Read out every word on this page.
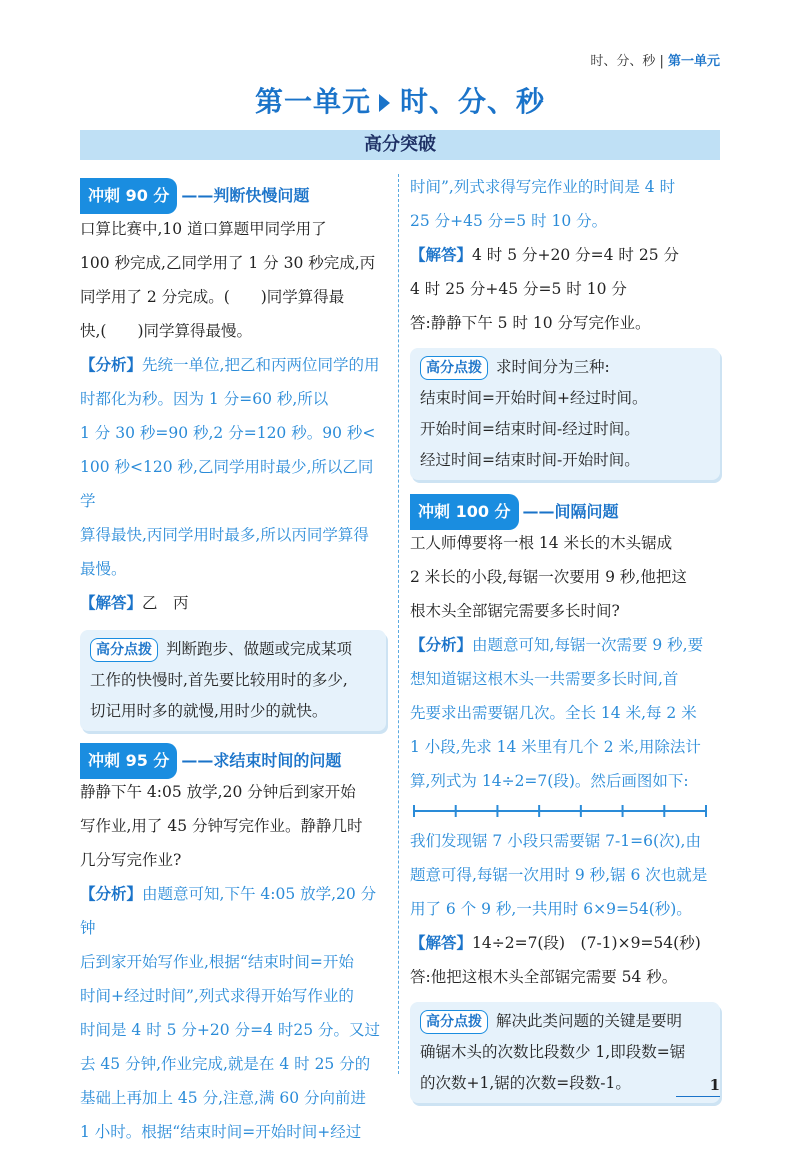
时、分、秒 | 第一单元
第一单元 时、分、秒
高分突破
冲刺 90 分 ——判断快慢问题

口算比赛中,10 道口算题甲同学用了

100 秒完成,乙同学用了 1 分 30 秒完成,丙

同学用了 2 分完成。(　　)同学算得最

快,(　　)同学算得最慢。

【分析】先统一单位,把乙和丙两位同学的用

时都化为秒。因为 1 分=60 秒,所以

1 分 30 秒=90 秒,2 分=120 秒。90 秒<

100 秒<120 秒,乙同学用时最少,所以乙同学

算得最快,丙同学用时最多,所以丙同学算得

最慢。

【解答】乙　丙

高分点拨 判断跑步、做题或完成某项
工作的快慢时,首先要比较用时的多少,
切记用时多的就慢,用时少的就快。
冲刺 95 分 ——求结束时间的问题

静静下午 4:05 放学,20 分钟后到家开始

写作业,用了 45 分钟写完作业。静静几时

几分写完作业?

【分析】由题意可知,下午 4:05 放学,20 分钟

后到家开始写作业,根据“结束时间=开始

时间+经过时间”,列式求得开始写作业的

时间是 4 时 5 分+20 分=4 时25 分。又过

去 45 分钟,作业完成,就是在 4 时 25 分的

基础上再加上 45 分,注意,满 60 分向前进

1 小时。根据“结束时间=开始时间+经过

时间”,列式求得写完作业的时间是 4 时

25 分+45 分=5 时 10 分。

【解答】4 时 5 分+20 分=4 时 25 分

4 时 25 分+45 分=5 时 10 分

答:静静下午 5 时 10 分写完作业。

高分点拨 求时间分为三种:
结束时间=开始时间+经过时间。
开始时间=结束时间-经过时间。
经过时间=结束时间-开始时间。
冲刺 100 分 ——间隔问题

工人师傅要将一根 14 米长的木头锯成

2 米长的小段,每锯一次要用 9 秒,他把这

根木头全部锯完需要多长时间?

【分析】由题意可知,每锯一次需要 9 秒,要

想知道锯这根木头一共需要多长时间,首

先要求出需要锯几次。全长 14 米,每 2 米

1 小段,先求 14 米里有几个 2 米,用除法计

算,列式为 14÷2=7(段)。然后画图如下:

我们发现锯 7 小段只需要锯 7-1=6(次),由

题意可得,每锯一次用时 9 秒,锯 6 次也就是

用了 6 个 9 秒,一共用时 6×9=54(秒)。

【解答】14÷2=7(段)　(7-1)×9=54(秒)

答:他把这根木头全部锯完需要 54 秒。

高分点拨 解决此类问题的关键是要明
确锯木头的次数比段数少 1,即段数=锯
的次数+1,锯的次数=段数-1。	1
